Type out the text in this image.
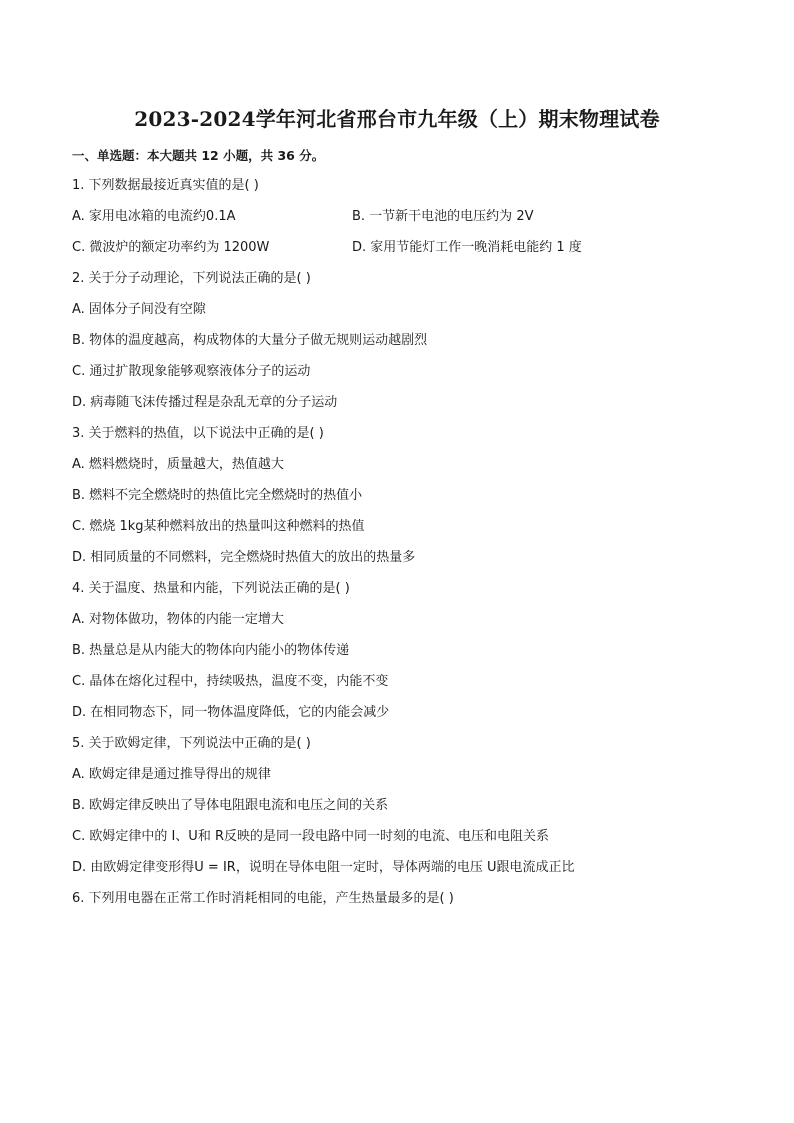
2023-2024学年河北省邢台市九年级（上）期末物理试卷
一、单选题：本大题共 12 小题，共 36 分。
1. 下列数据最接近真实值的是( )
A. 家用电冰箱的电流约0.1A	B. 一节新干电池的电压约为 2V
C. 微波炉的额定功率约为 1200W	D. 家用节能灯工作一晚消耗电能约 1 度
2. 关于分子动理论，下列说法正确的是( )
A. 固体分子间没有空隙
B. 物体的温度越高，构成物体的大量分子做无规则运动越剧烈
C. 通过扩散现象能够观察液体分子的运动
D. 病毒随飞沫传播过程是杂乱无章的分子运动
3. 关于燃料的热值，以下说法中正确的是( )
A. 燃料燃烧时，质量越大，热值越大
B. 燃料不完全燃烧时的热值比完全燃烧时的热值小
C. 燃烧 1kg某种燃料放出的热量叫这种燃料的热值
D. 相同质量的不同燃料，完全燃烧时热值大的放出的热量多
4. 关于温度、热量和内能，下列说法正确的是( )
A. 对物体做功，物体的内能一定增大
B. 热量总是从内能大的物体向内能小的物体传递
C. 晶体在熔化过程中，持续吸热，温度不变，内能不变
D. 在相同物态下，同一物体温度降低，它的内能会减少
5. 关于欧姆定律，下列说法中正确的是( )
A. 欧姆定律是通过推导得出的规律
B. 欧姆定律反映出了导体电阻跟电流和电压之间的关系
C. 欧姆定律中的 I、U和 R反映的是同一段电路中同一时刻的电流、电压和电阻关系
D. 由欧姆定律变形得U = IR，说明在导体电阻一定时，导体两端的电压 U跟电流成正比
6. 下列用电器在正常工作时消耗相同的电能，产生热量最多的是( )
